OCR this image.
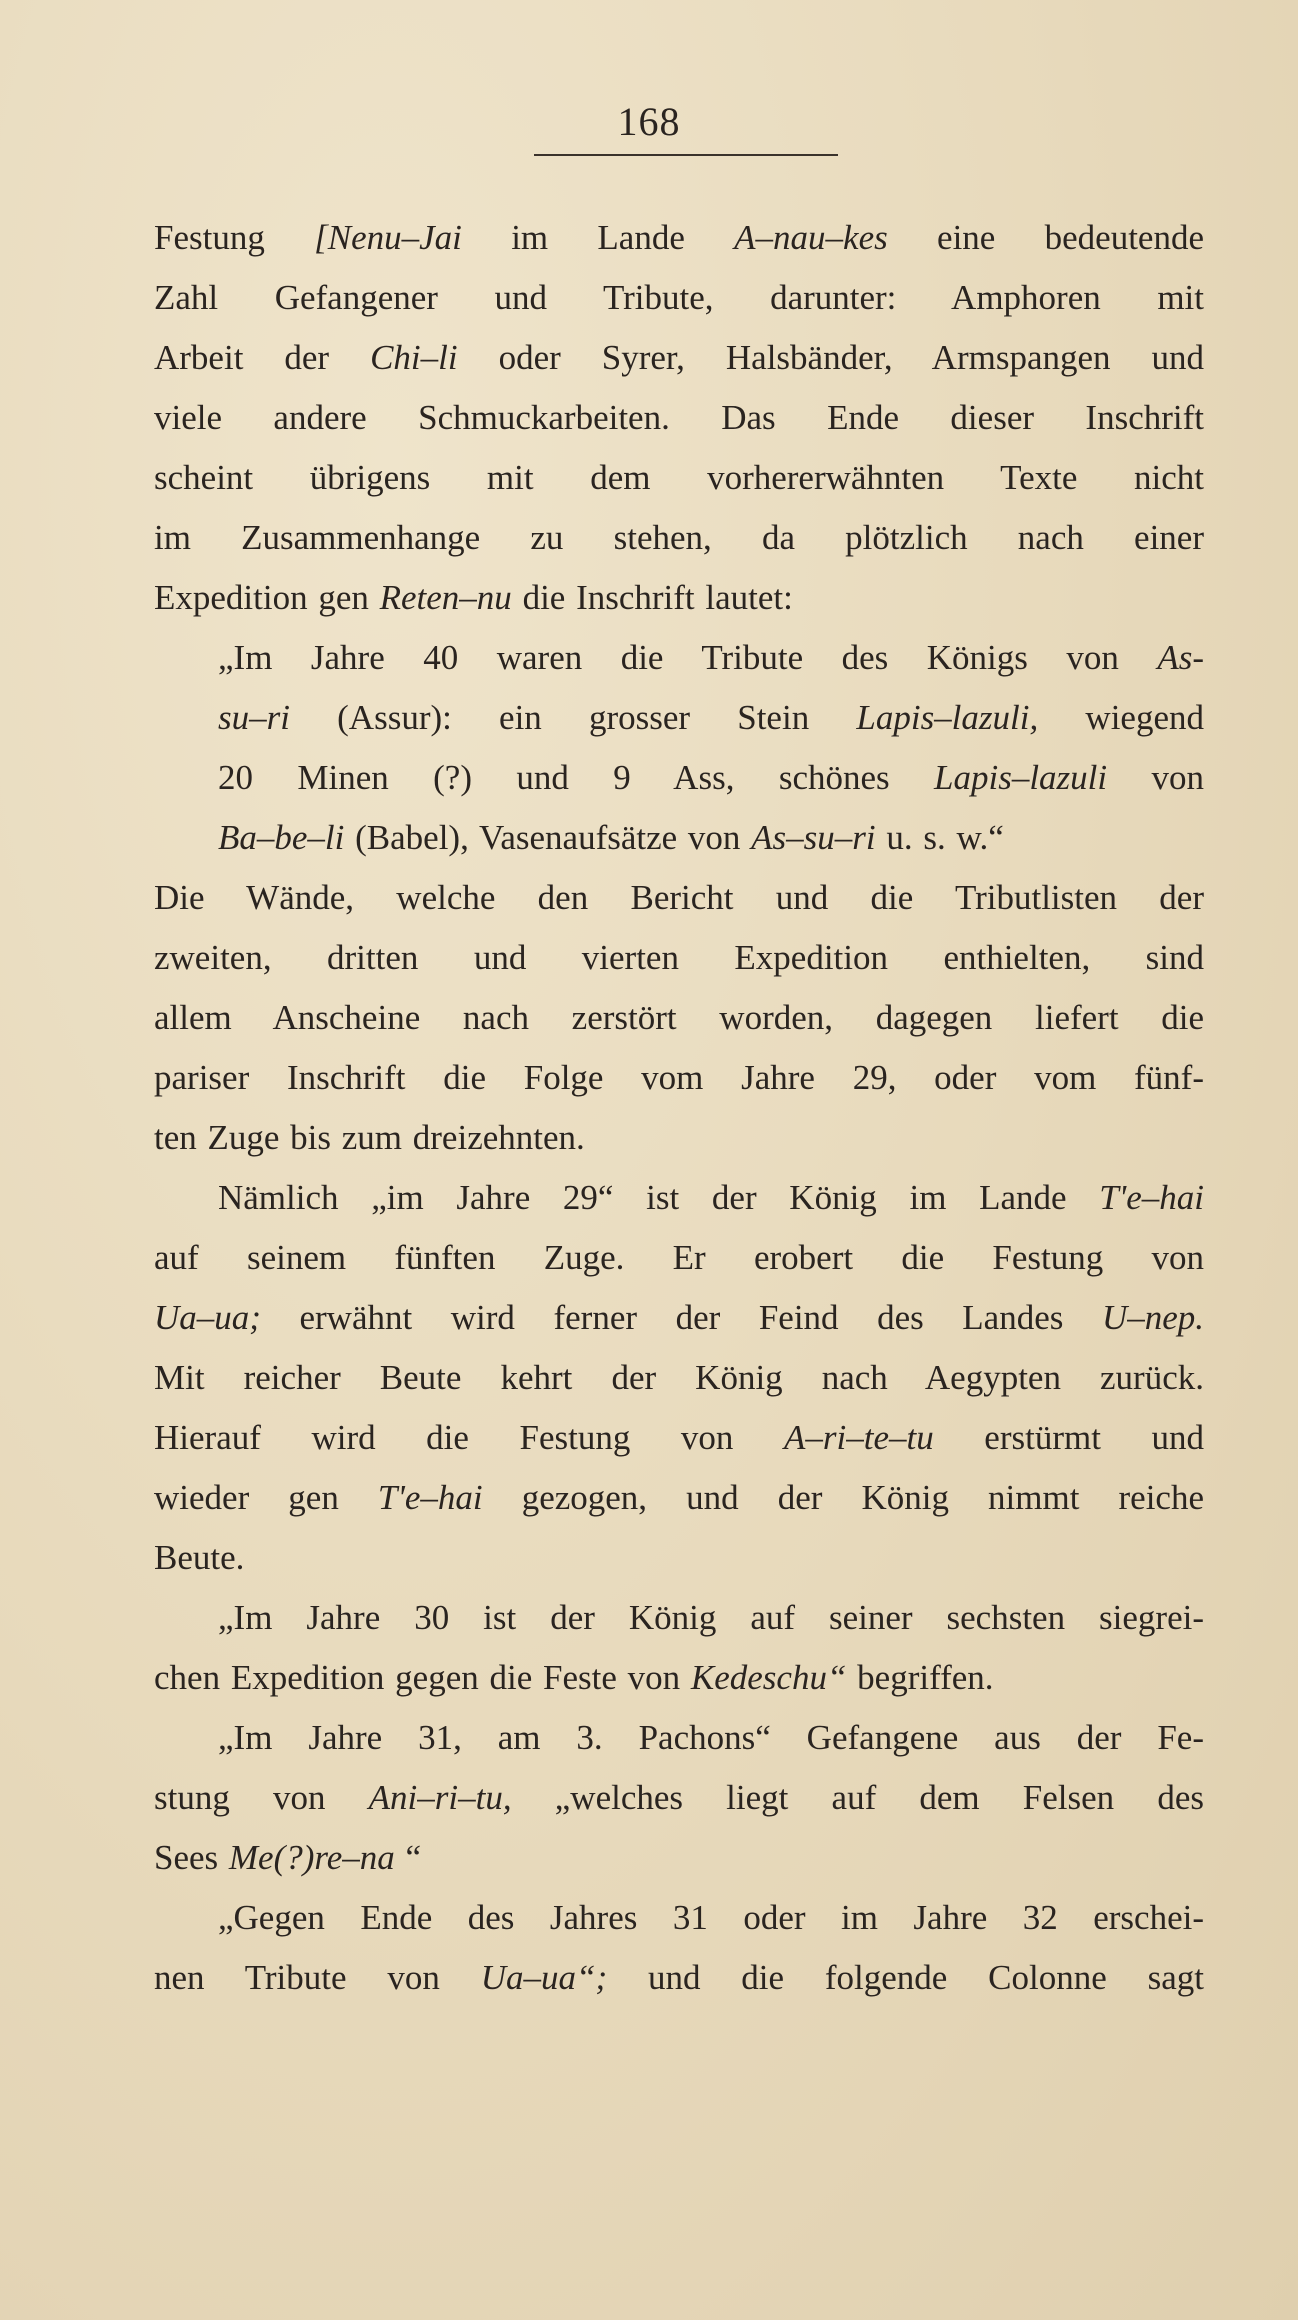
168
Festung [Nenu–Jai im Lande A–nau–kes eine bedeutende
Zahl Gefangener und Tribute, darunter: Amphoren mit
Arbeit der Chi–li oder Syrer, Halsbänder, Armspangen und
viele andere Schmuckarbeiten. Das Ende dieser Inschrift
scheint übrigens mit dem vorhererwähnten Texte nicht
im Zusammenhange zu stehen, da plötzlich nach einer
Expedition gen Reten–nu die Inschrift lautet:
„Im Jahre 40 waren die Tribute des Königs von As-
su–ri (Assur): ein grosser Stein Lapis–lazuli, wiegend
20 Minen (?) und 9 Ass, schönes Lapis–lazuli von
Ba–be–li (Babel), Vasenaufsätze von As–su–ri u. s. w.“
Die Wände, welche den Bericht und die Tributlisten der
zweiten, dritten und vierten Expedition enthielten, sind
allem Anscheine nach zerstört worden, dagegen liefert die
pariser Inschrift die Folge vom Jahre 29, oder vom fünf-
ten Zuge bis zum dreizehnten.
Nämlich „im Jahre 29“ ist der König im Lande T'e–hai
auf seinem fünften Zuge. Er erobert die Festung von
Ua–ua; erwähnt wird ferner der Feind des Landes U–nep.
Mit reicher Beute kehrt der König nach Aegypten zurück.
Hierauf wird die Festung von A–ri–te–tu erstürmt und
wieder gen T'e–hai gezogen, und der König nimmt reiche
Beute.
„Im Jahre 30 ist der König auf seiner sechsten siegrei-
chen Expedition gegen die Feste von Kedeschu“ begriffen.
„Im Jahre 31, am 3. Pachons“ Gefangene aus der Fe-
stung von Ani–ri–tu, „welches liegt auf dem Felsen des
Sees Me(?)re–na “
„Gegen Ende des Jahres 31 oder im Jahre 32 erschei-
nen Tribute von Ua–ua“; und die folgende Colonne sagt
